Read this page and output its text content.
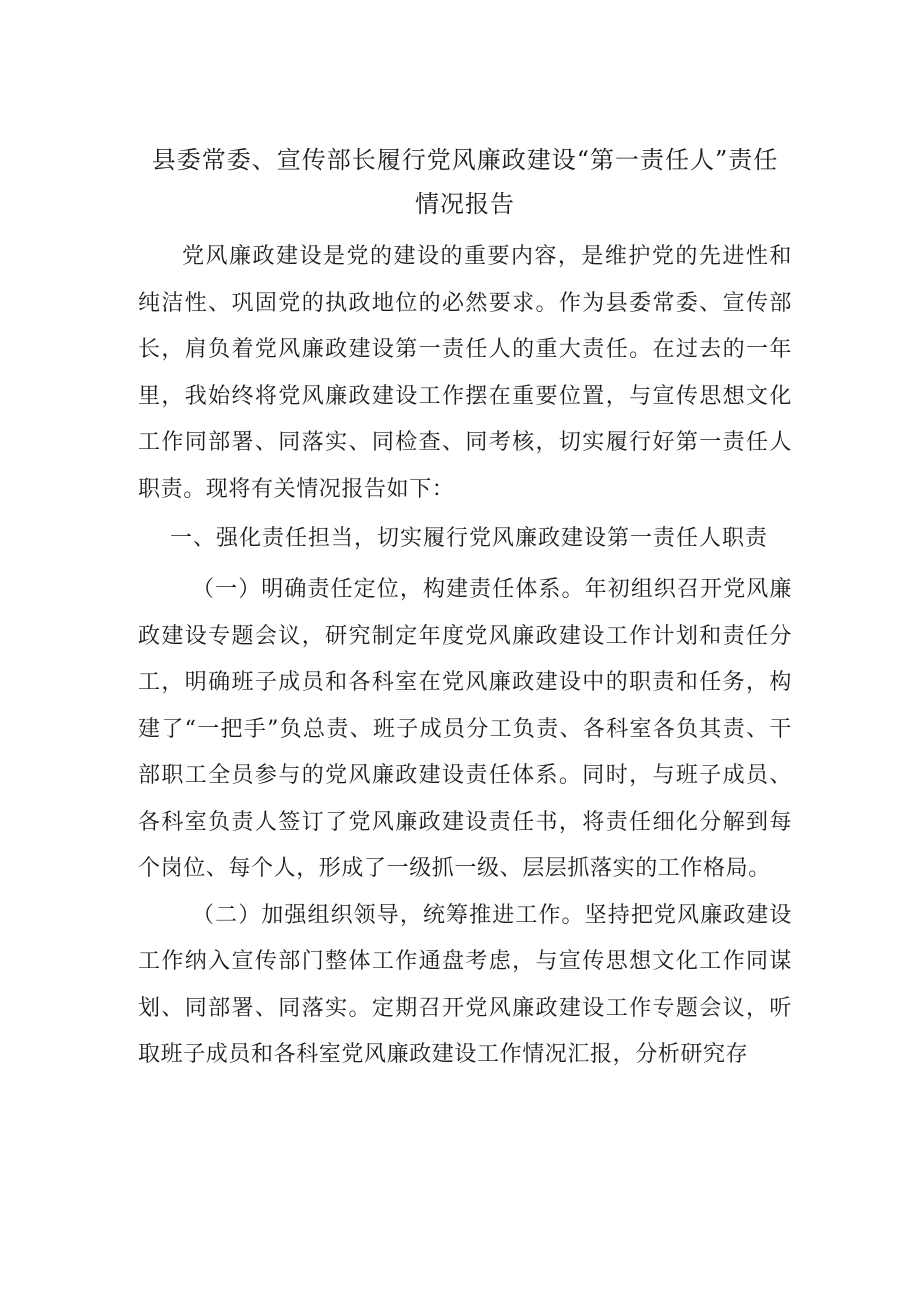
县委常委、宣传部长履行党风廉政建设“第一责任人”责任
情况报告

党风廉政建设是党的建设的重要内容，是维护党的先进性和纯洁性、巩固党的执政地位的必然要求。作为县委常委、宣传部长，肩负着党风廉政建设第一责任人的重大责任。在过去的一年里，我始终将党风廉政建设工作摆在重要位置，与宣传思想文化工作同部署、同落实、同检查、同考核，切实履行好第一责任人职责。现将有关情况报告如下：

一、强化责任担当，切实履行党风廉政建设第一责任人职责

（一）明确责任定位，构建责任体系。年初组织召开党风廉政建设专题会议，研究制定年度党风廉政建设工作计划和责任分工，明确班子成员和各科室在党风廉政建设中的职责和任务，构建了“一把手”负总责、班子成员分工负责、各科室各负其责、干部职工全员参与的党风廉政建设责任体系。同时，与班子成员、各科室负责人签订了党风廉政建设责任书，将责任细化分解到每个岗位、每个人，形成了一级抓一级、层层抓落实的工作格局。

（二）加强组织领导，统筹推进工作。坚持把党风廉政建设工作纳入宣传部门整体工作通盘考虑，与宣传思想文化工作同谋划、同部署、同落实。定期召开党风廉政建设工作专题会议，听取班子成员和各科室党风廉政建设工作情况汇报，分析研究存
